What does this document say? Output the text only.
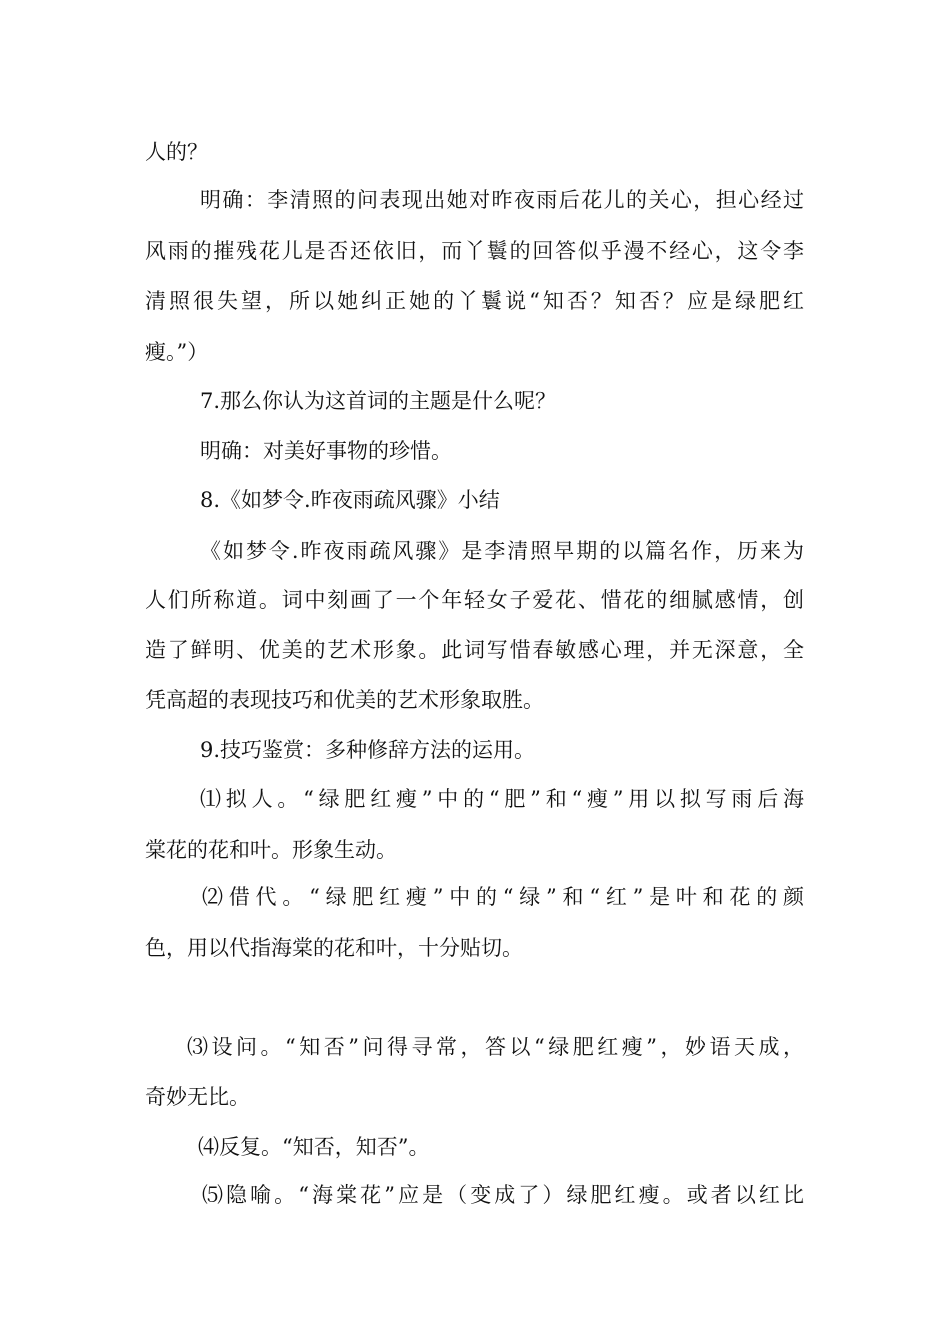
人的？
明确：李清照的问表现出她对昨夜雨后花儿的关心，担心经过
风雨的摧残花儿是否还依旧，而丫鬟的回答似乎漫不经心，这令李
清照很失望，所以她纠正她的丫鬟说“知否？知否？应是绿肥红
瘦。”）
7.那么你认为这首词的主题是什么呢？
明确：对美好事物的珍惜。
8.《如梦令.昨夜雨疏风骤》小结
《如梦令.昨夜雨疏风骤》是李清照早期的以篇名作，历来为
人们所称道。词中刻画了一个年轻女子爱花、惜花的细腻感情，创
造了鲜明、优美的艺术形象。此词写惜春敏感心理，并无深意，全
凭高超的表现技巧和优美的艺术形象取胜。
9.技巧鉴赏：多种修辞方法的运用。
⑴拟人。“绿肥红瘦”中的“肥”和“瘦”用以拟写雨后海
棠花的花和叶。形象生动。
⑵借代。“绿肥红瘦”中的“绿”和“红”是叶和花的颜
色，用以代指海棠的花和叶，十分贴切。
⑶设问。“知否”问得寻常，答以“绿肥红瘦”，妙语天成，
奇妙无比。
⑷反复。“知否，知否”。
⑸隐喻。“海棠花”应是（变成了）绿肥红瘦。或者以红比
